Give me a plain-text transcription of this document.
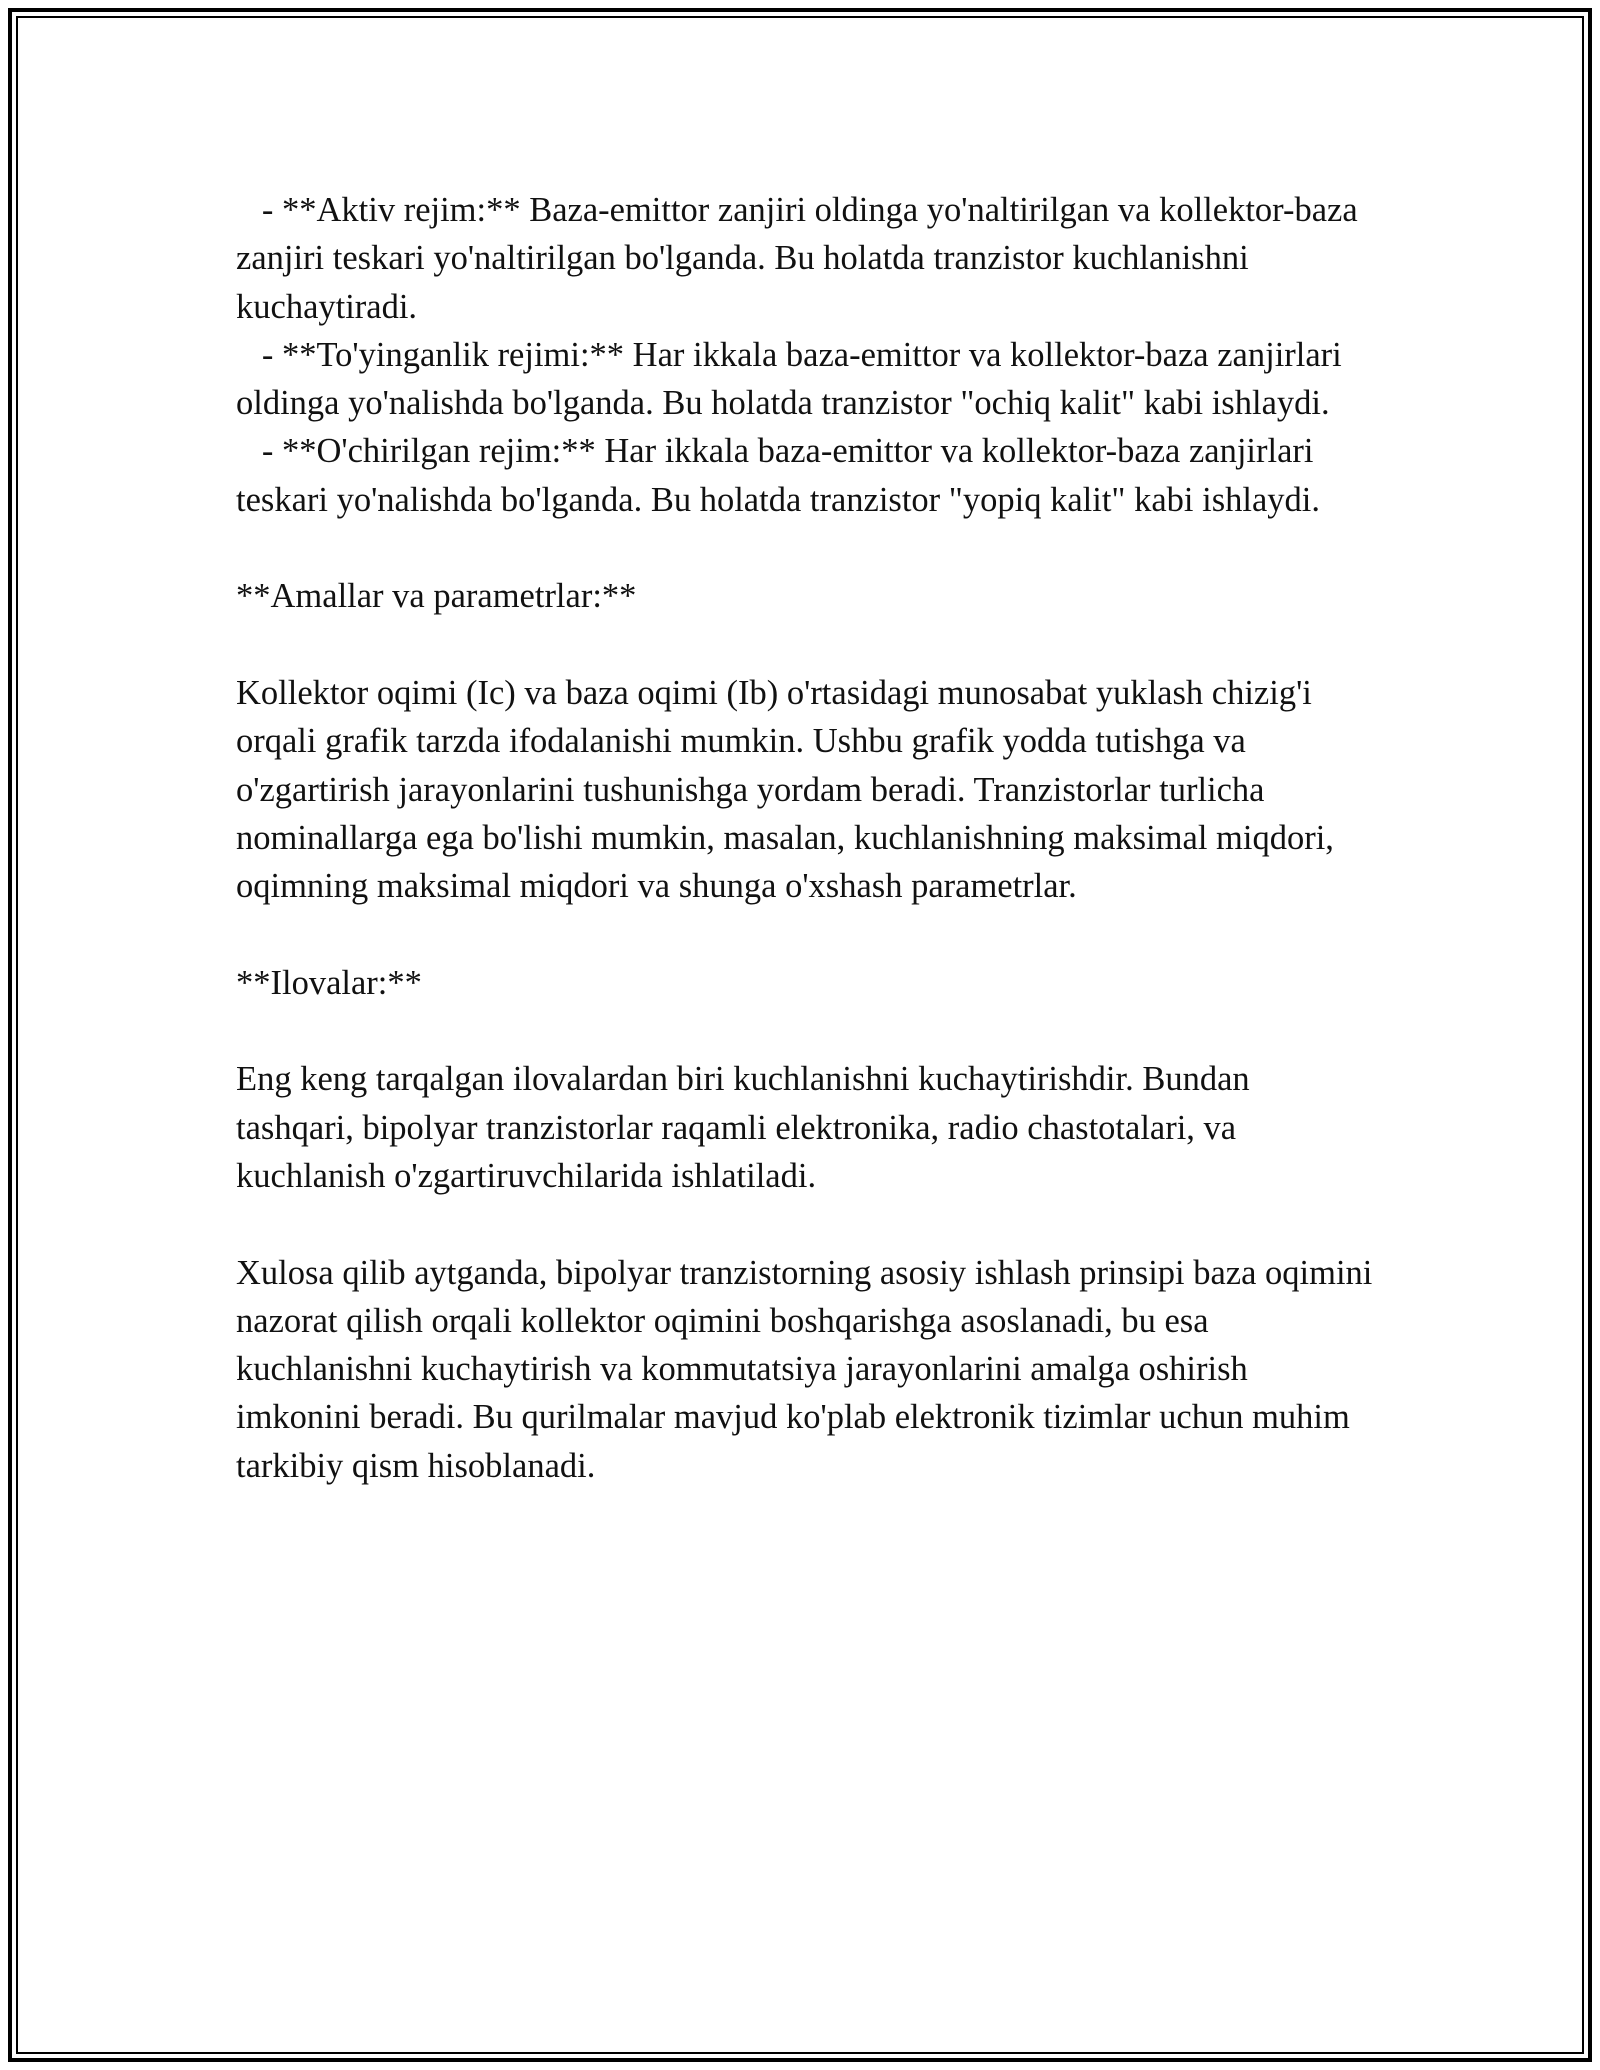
- **Aktiv rejim:** Baza-emittor zanjiri oldinga yo'naltirilgan va kollektor-baza zanjiri teskari yo'naltirilgan bo'lganda. Bu holatda tranzistor kuchlanishni kuchaytiradi.

- **To'yinganlik rejimi:** Har ikkala baza-emittor va kollektor-baza zanjirlari oldinga yo'nalishda bo'lganda. Bu holatda tranzistor "ochiq kalit" kabi ishlaydi.

- **O'chirilgan rejim:** Har ikkala baza-emittor va kollektor-baza zanjirlari teskari yo'nalishda bo'lganda. Bu holatda tranzistor "yopiq kalit" kabi ishlaydi.

**Amallar va parametrlar:**

Kollektor oqimi (Ic) va baza oqimi (Ib) o'rtasidagi munosabat yuklash chizig'i orqali grafik tarzda ifodalanishi mumkin. Ushbu grafik yodda tutishga va o'zgartirish jarayonlarini tushunishga yordam beradi. Tranzistorlar turlicha nominallarga ega bo'lishi mumkin, masalan, kuchlanishning maksimal miqdori, oqimning maksimal miqdori va shunga o'xshash parametrlar.

**Ilovalar:**

Eng keng tarqalgan ilovalardan biri kuchlanishni kuchaytirishdir. Bundan tashqari, bipolyar tranzistorlar raqamli elektronika, radio chastotalari, va kuchlanish o'zgartiruvchilarida ishlatiladi.

Xulosa qilib aytganda, bipolyar tranzistorning asosiy ishlash prinsipi baza oqimini nazorat qilish orqali kollektor oqimini boshqarishga asoslanadi, bu esa kuchlanishni kuchaytirish va kommutatsiya jarayonlarini amalga oshirish imkonini beradi. Bu qurilmalar mavjud ko'plab elektronik tizimlar uchun muhim tarkibiy qism hisoblanadi.
